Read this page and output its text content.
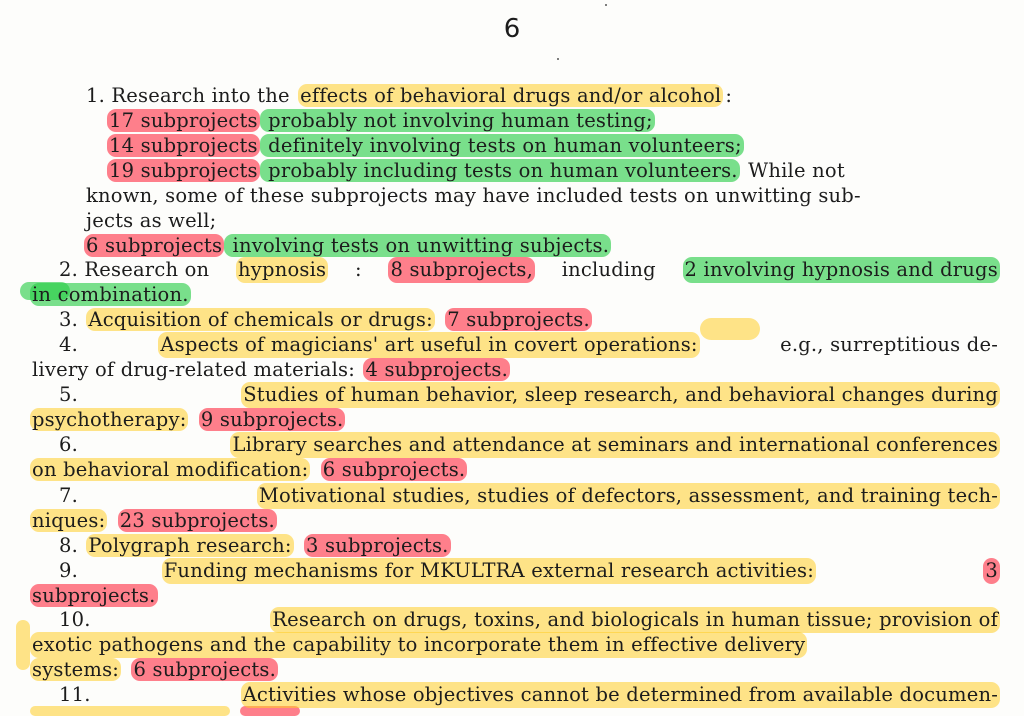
6
1. Research into the effects of behavioral drugs and/or alcohol :
17 subprojects probably not involving human testing;
14 subprojects definitely involving tests on human volunteers;
19 subprojects probably including tests on human volunteers. While not
known, some of these subprojects may have included tests on unwitting sub-
jects as well;
6 subprojects involving tests on unwitting subjects.
2. Research on hypnosis : 8 subprojects, including 2 involving hypnosis and drugs
in combination.
3. Acquisition of chemicals or drugs: 7 subprojects.
4.	Aspects of magicians' art useful in covert operations:	e.g., surreptitious de-
livery of drug-related materials: 4 subprojects.
5.	Studies of human behavior, sleep research, and behavioral changes during
psychotherapy: 9 subprojects.
6.	Library searches and attendance at seminars and international conferences
on behavioral modification: 6 subprojects.
7.	Motivational studies, studies of defectors, assessment, and training tech-
niques: 23 subprojects.
8. Polygraph research: 3 subprojects.
9.	Funding mechanisms for MKULTRA external research activities:	3
subprojects.
10.	Research on drugs, toxins, and biologicals in human tissue; provision of
exotic pathogens and the capability to incorporate them in effective delivery
systems: 6 subprojects.
11.	Activities whose objectives cannot be determined from available documen-
